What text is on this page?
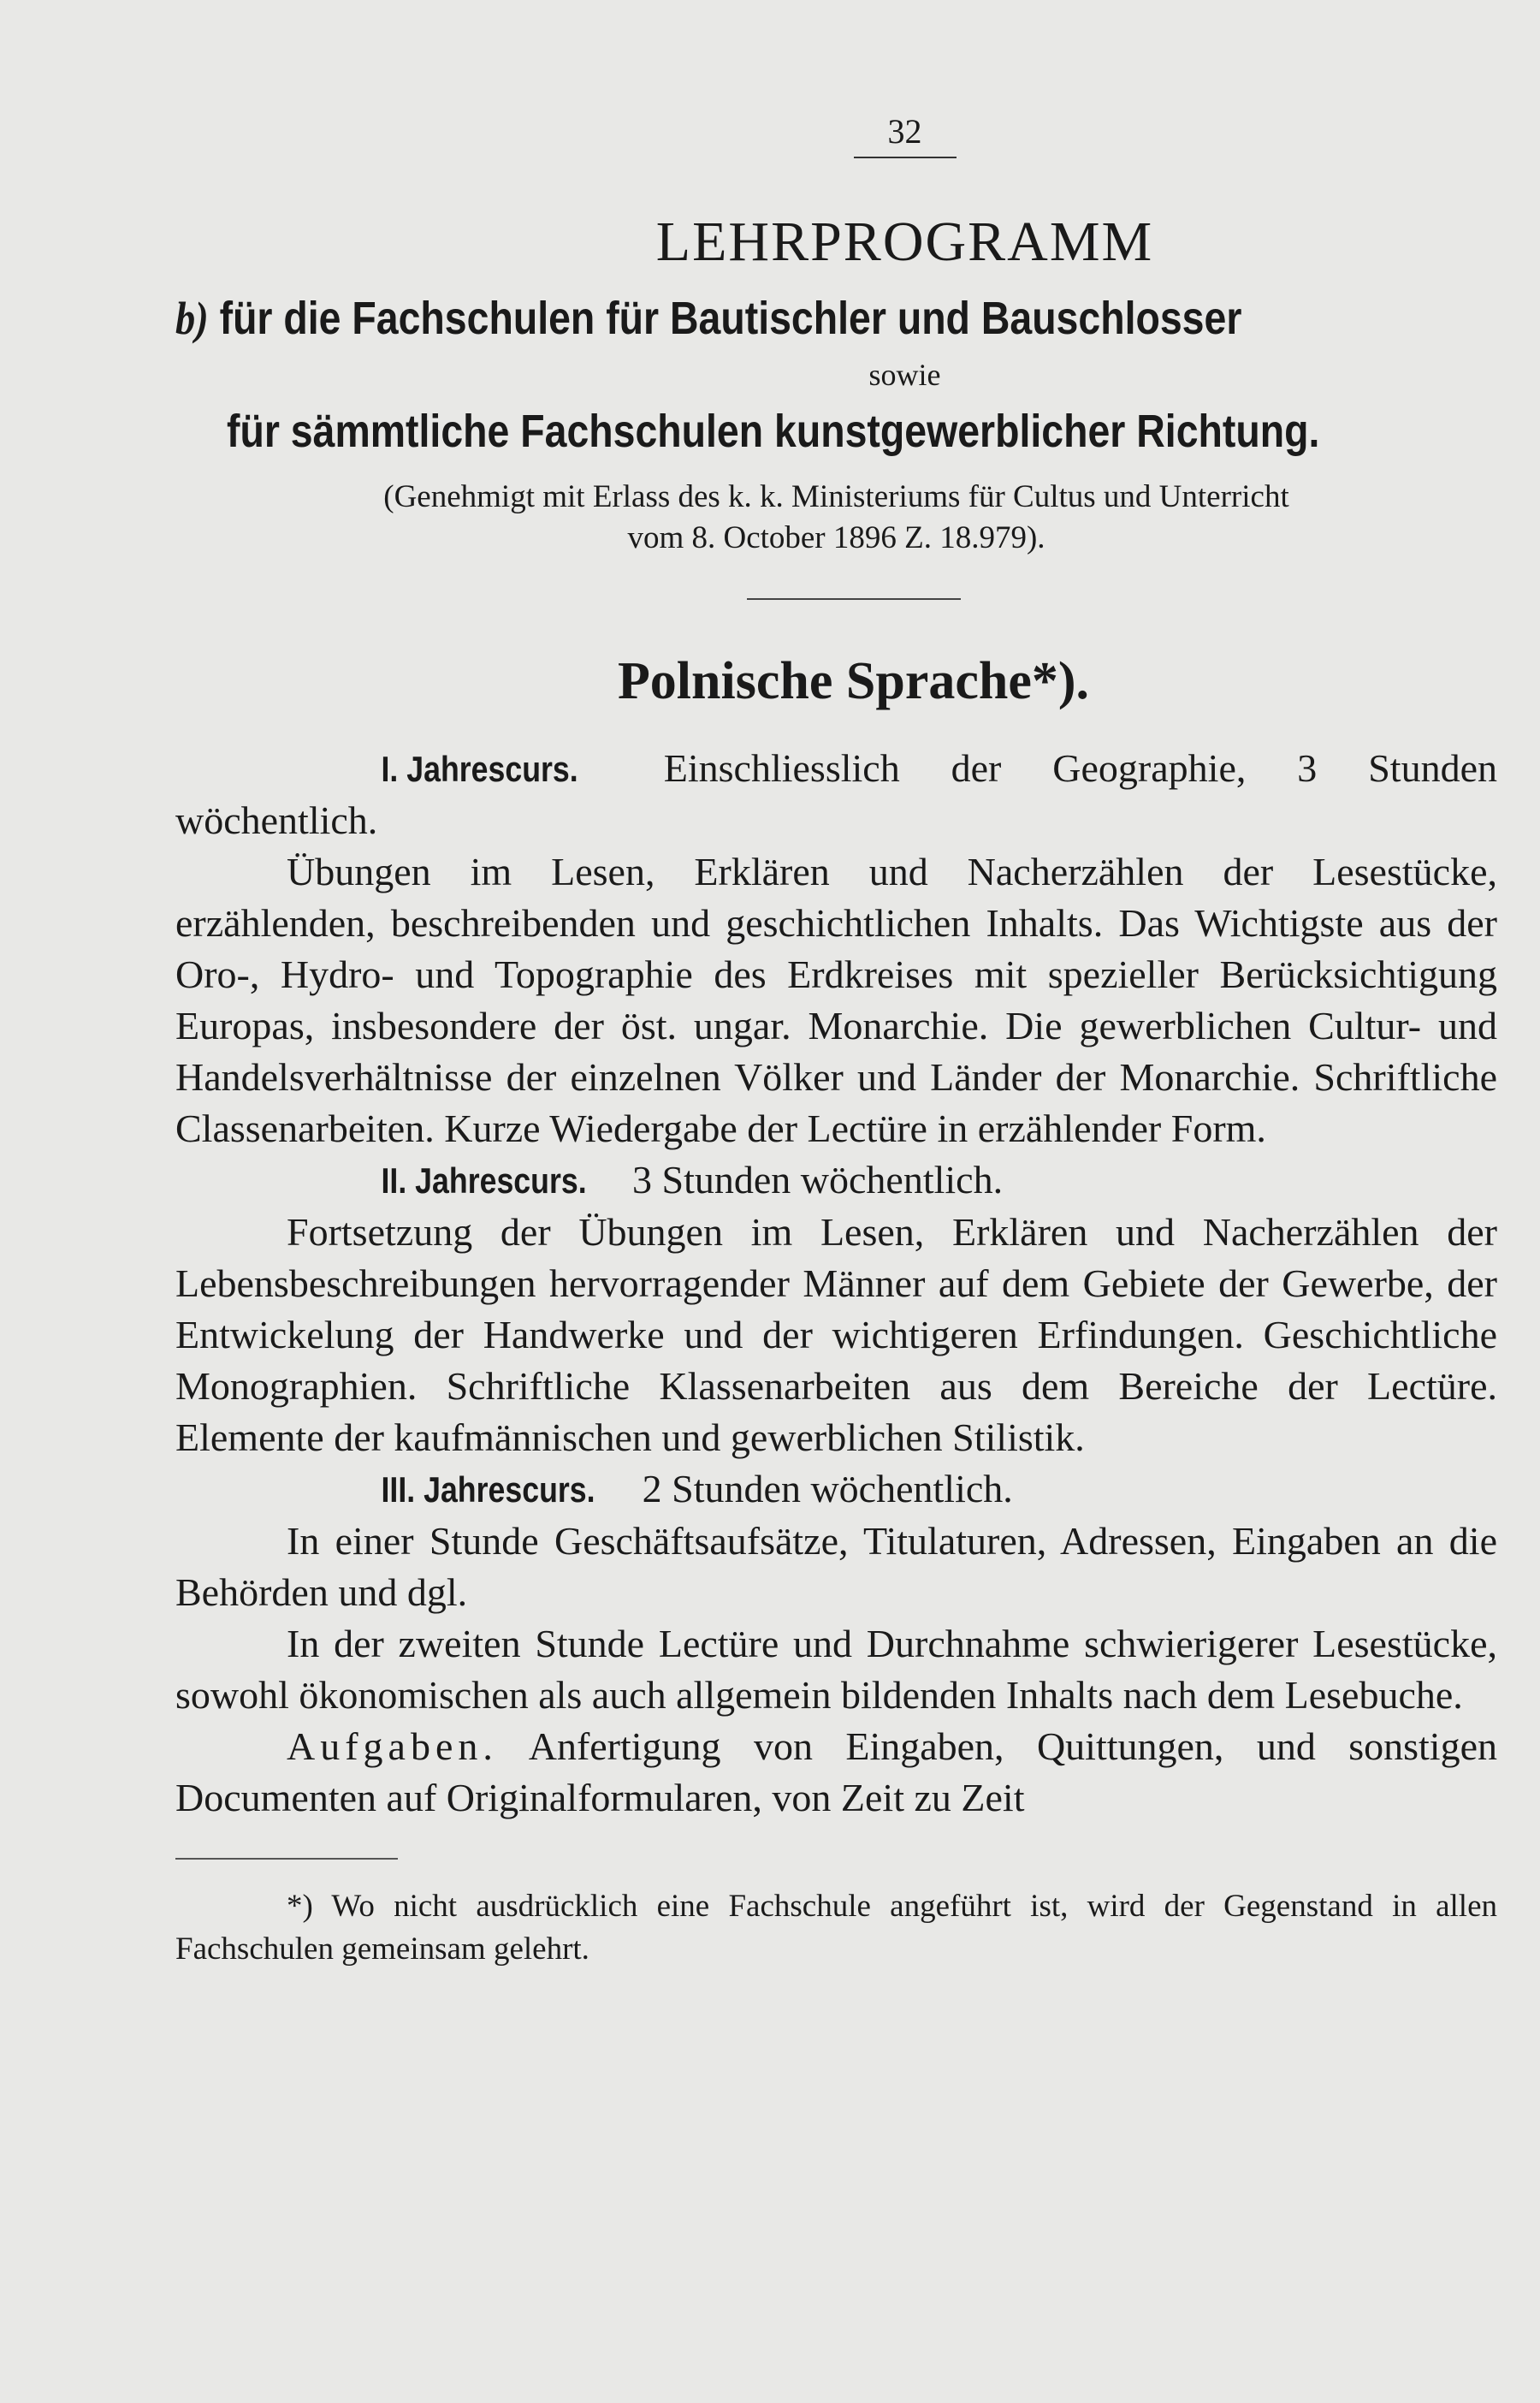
32
LEHRPROGRAMM
b) für die Fachschulen für Bautischler und Bauschlosser
sowie
für sämmtliche Fachschulen kunstgewerblicher Richtung.
(Genehmigt mit Erlass des k. k. Ministeriums für Cultus und Unterricht
vom 8. October 1896 Z. 18.979).
Polnische Sprache*).

I. Jahrescurs. Einschliesslich der Geographie, 3 Stunden wöchentlich.

Übungen im Lesen, Erklären und Nacherzählen der Lesestücke, erzählenden, beschreibenden und geschichtlichen Inhalts. Das Wichtigste aus der Oro-, Hydro- und Topographie des Erdkreises mit spezieller Berücksichtigung Europas, insbesondere der öst. ungar. Monarchie. Die gewerblichen Cultur- und Handelsverhältnisse der einzelnen Völker und Länder der Monarchie. Schriftliche Classenarbeiten. Kurze Wiedergabe der Lectüre in erzählender Form.

II. Jahrescurs. 3 Stunden wöchentlich.

Fortsetzung der Übungen im Lesen, Erklären und Nacherzählen der Lebensbeschreibungen hervorragender Männer auf dem Gebiete der Gewerbe, der Entwickelung der Handwerke und der wichtigeren Erfindungen. Geschichtliche Monographien. Schriftliche Klassenarbeiten aus dem Bereiche der Lectüre. Elemente der kaufmännischen und gewerblichen Stilistik.

III. Jahrescurs. 2 Stunden wöchentlich.

In einer Stunde Geschäftsaufsätze, Titulaturen, Adressen, Eingaben an die Behörden und dgl.

In der zweiten Stunde Lectüre und Durchnahme schwierigerer Lesestücke, sowohl ökonomischen als auch allgemein bildenden Inhalts nach dem Lesebuche.

Aufgaben. Anfertigung von Eingaben, Quittungen, und sonstigen Documenten auf Originalformularen, von Zeit zu Zeit

*) Wo nicht ausdrücklich eine Fachschule angeführt ist, wird der Gegenstand in allen Fachschulen gemeinsam gelehrt.
